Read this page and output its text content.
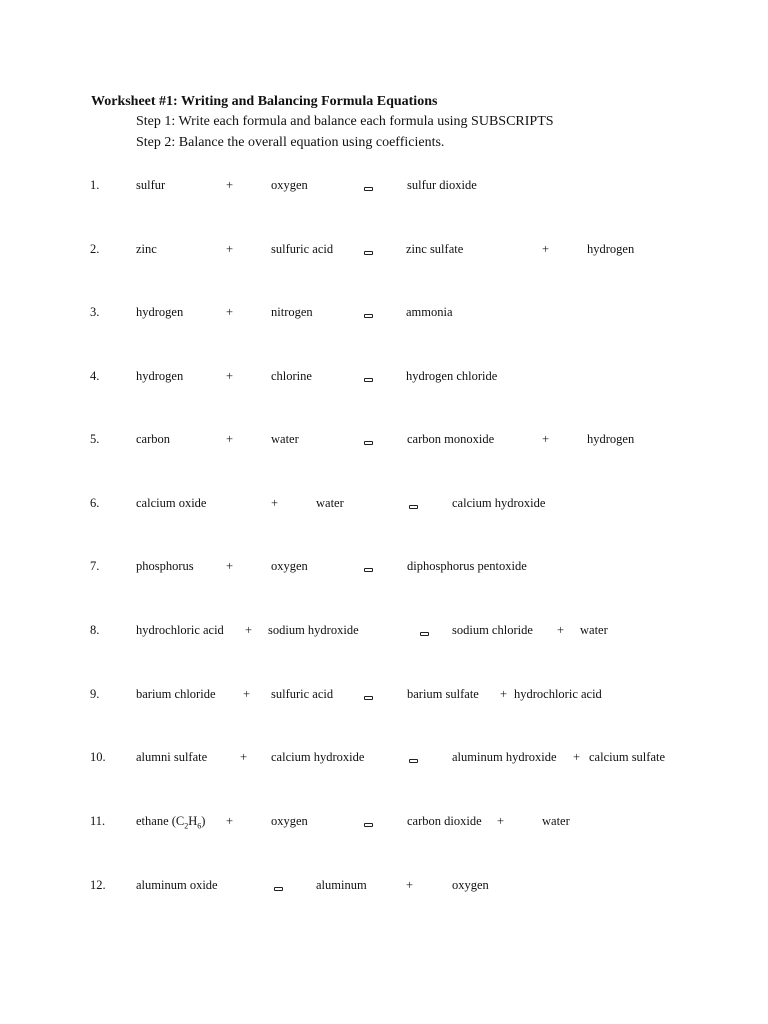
Worksheet #1: Writing and Balancing Formula Equations
Step 1: Write each formula and balance each formula using SUBSCRIPTS
Step 2: Balance the overall equation using coefficients.
1.	sulfur	+	oxygen	sulfur dioxide
2.	zinc	+	sulfuric acid	zinc sulfate	+	hydrogen
3.	hydrogen	+	nitrogen	ammonia
4.	hydrogen	+	chlorine	hydrogen chloride
5.	carbon	+	water	carbon monoxide	+	hydrogen
6.	calcium oxide	+	water	calcium hydroxide
7.	phosphorus	+	oxygen	diphosphorus pentoxide
8.	hydrochloric acid + sodium hydroxide	sodium chloride + water
9.	barium chloride + sulfuric acid	barium sulfate + hydrochloric acid
10. alumni sulfate	+ calcium hydroxide	aluminum hydroxide + calcium sulfate
11. ethane $(C_2H_6)$ +	oxygen	carbon dioxide +	water
12. aluminum oxide	aluminum	+	oxygen
